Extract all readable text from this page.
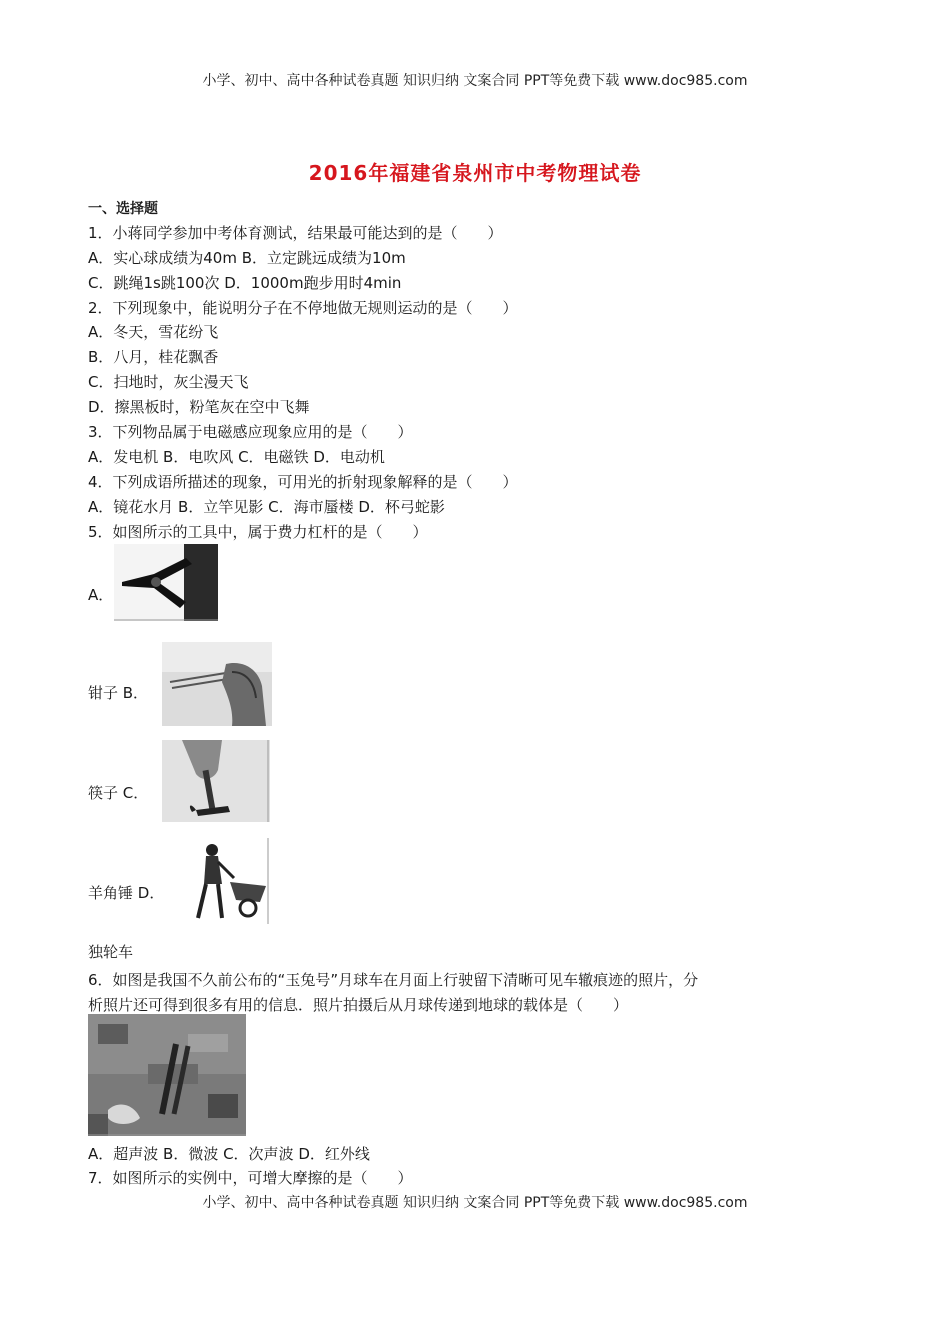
小学、初中、高中各种试卷真题 知识归纳 文案合同 PPT等免费下载 www.doc985.com
2016年福建省泉州市中考物理试卷
一、选择题
1．小蒋同学参加中考体育测试，结果最可能达到的是（　　）
A．实心球成绩为40m B．立定跳远成绩为10m
C．跳绳1s跳100次 D．1000m跑步用时4min
2．下列现象中，能说明分子在不停地做无规则运动的是（　　）
A．冬天，雪花纷飞
B．八月，桂花飘香
C．扫地时，灰尘漫天飞
D．擦黑板时，粉笔灰在空中飞舞
3．下列物品属于电磁感应现象应用的是（　　）
A．发电机 B．电吹风 C．电磁铁 D．电动机
4．下列成语所描述的现象，可用光的折射现象解释的是（　　）
A．镜花水月 B．立竿见影 C．海市蜃楼 D．杯弓蛇影
5．如图所示的工具中，属于费力杠杆的是（　　）
A．
钳子 B．
筷子 C．
羊角锤 D．
独轮车
6．如图是我国不久前公布的“玉兔号”月球车在月面上行驶留下清晰可见车辙痕迹的照片，分
析照片还可得到很多有用的信息．照片拍摄后从月球传递到地球的载体是（　　）
A．超声波 B．微波 C．次声波 D．红外线
7．如图所示的实例中，可增大摩擦的是（　　）
小学、初中、高中各种试卷真题 知识归纳 文案合同 PPT等免费下载 www.doc985.com
